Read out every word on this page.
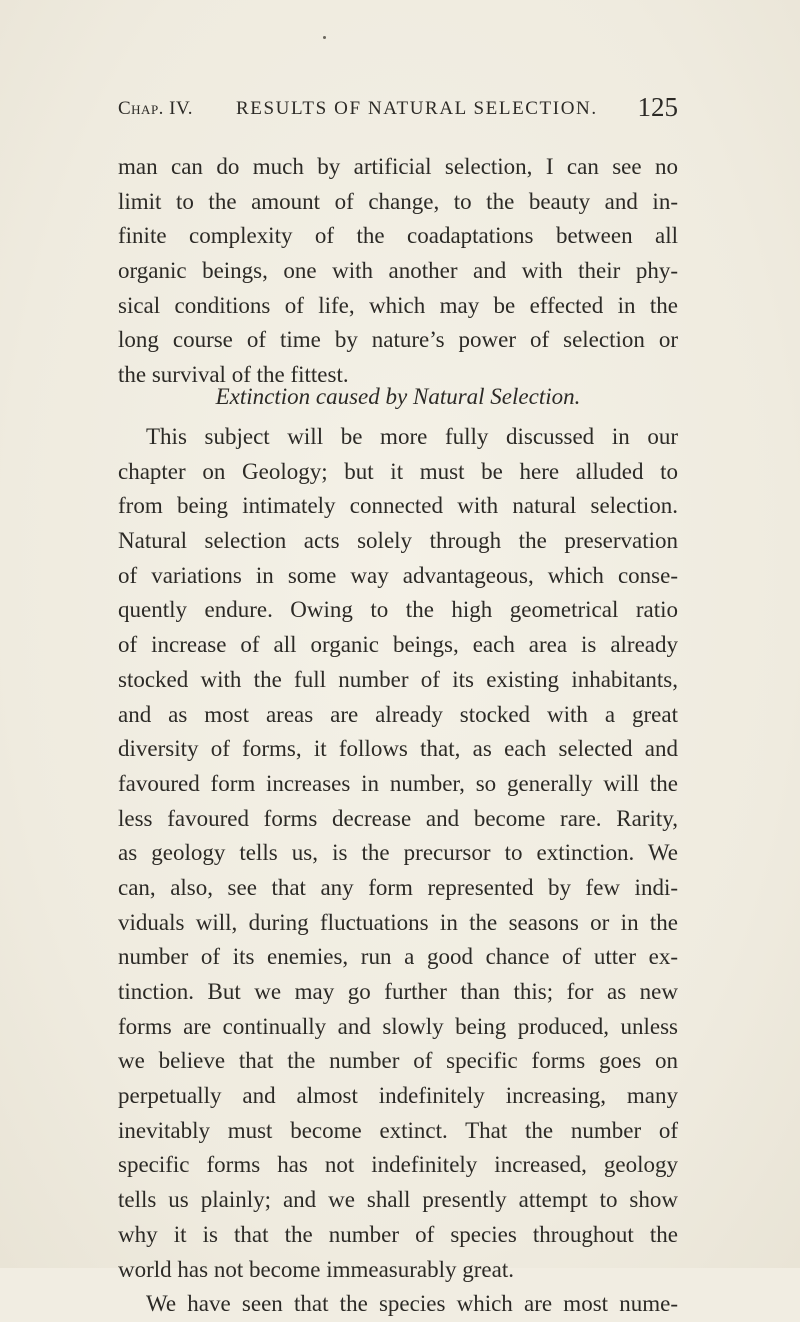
Chap. IV. RESULTS OF NATURAL SELECTION. 125
man can do much by artificial selection, I can see no
limit to the amount of change, to the beauty and in-
finite complexity of the coadaptations between all
organic beings, one with another and with their phy-
sical conditions of life, which may be effected in the
long course of time by nature’s power of selection or
the survival of the fittest.
Extinction caused by Natural Selection.
This subject will be more fully discussed in our
chapter on Geology; but it must be here alluded to
from being intimately connected with natural selection.
Natural selection acts solely through the preservation
of variations in some way advantageous, which conse-
quently endure. Owing to the high geometrical ratio
of increase of all organic beings, each area is already
stocked with the full number of its existing inhabitants,
and as most areas are already stocked with a great
diversity of forms, it follows that, as each selected and
favoured form increases in number, so generally will the
less favoured forms decrease and become rare. Rarity,
as geology tells us, is the precursor to extinction. We
can, also, see that any form represented by few indi-
viduals will, during fluctuations in the seasons or in the
number of its enemies, run a good chance of utter ex-
tinction. But we may go further than this; for as new
forms are continually and slowly being produced, unless
we believe that the number of specific forms goes on
perpetually and almost indefinitely increasing, many
inevitably must become extinct. That the number of
specific forms has not indefinitely increased, geology
tells us plainly; and we shall presently attempt to show
why it is that the number of species throughout the
world has not become immeasurably great.
We have seen that the species which are most nume-
